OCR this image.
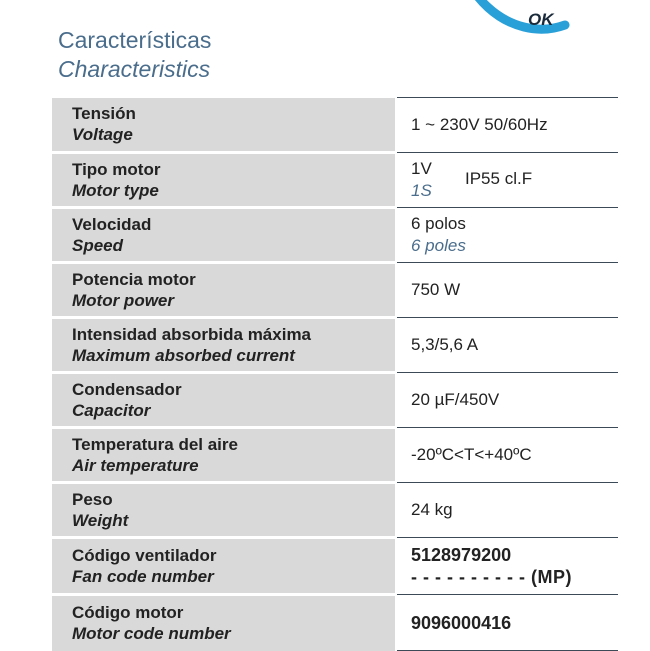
OK
Características
Characteristics
Tensión
Voltage	1 ~ 230V 50/60Hz

Tipo motor
Motor type	1V
1S
IP55 cl.F

Velocidad
Speed	6 polos
6 poles

Potencia motor
Motor power	750 W

Intensidad absorbida máxima
Maximum absorbed current	5,3/5,6 A

Condensador
Capacitor	20 µF/450V

Temperatura del aire
Air temperature	-20ºC<T<+40ºC

Peso
Weight	24 kg

Código ventilador
Fan code number	5128979200
- - - - - - - - - - (MP)

Código motor
Motor code number	9096000416
